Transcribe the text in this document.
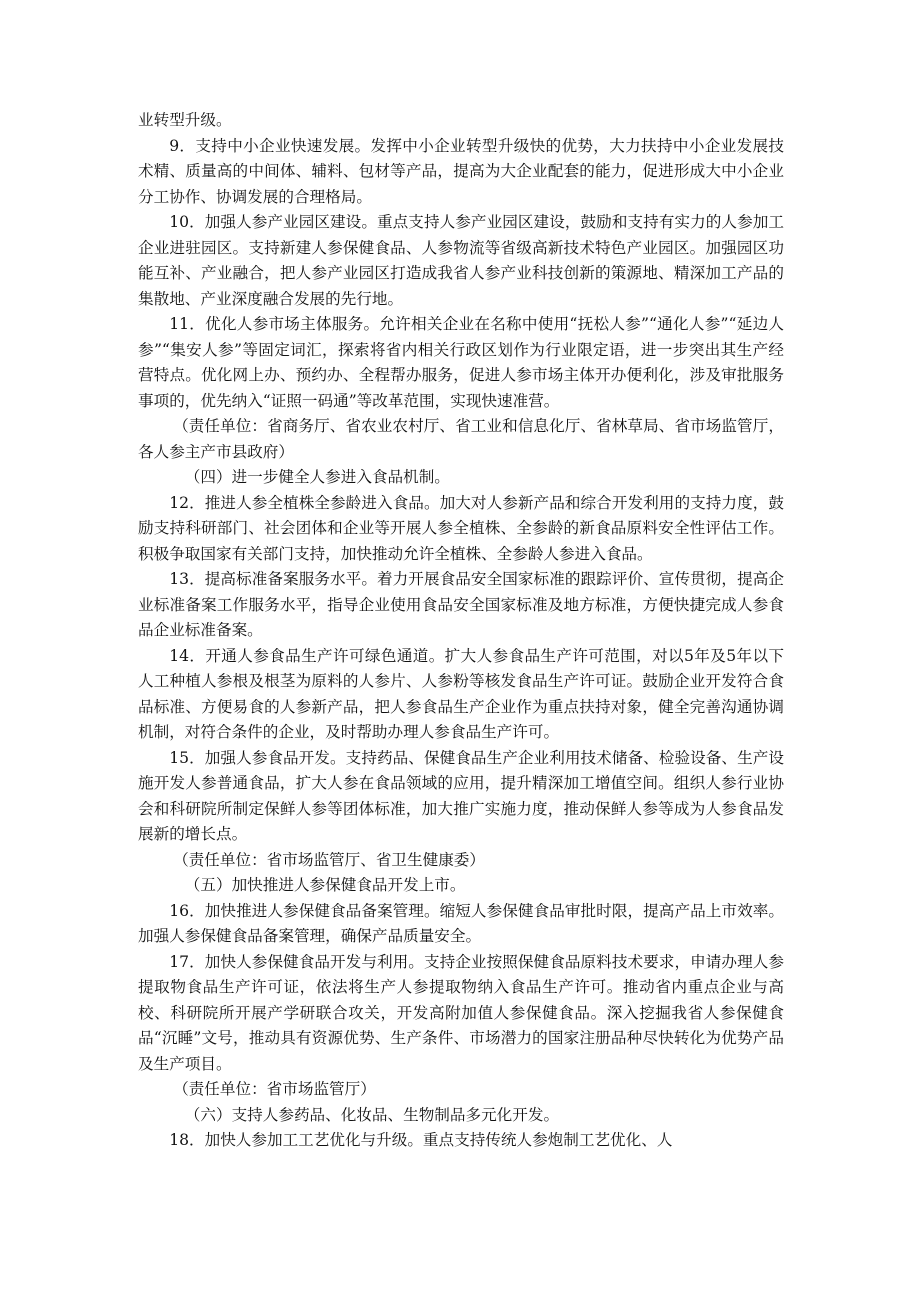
业转型升级。

9．支持中小企业快速发展。发挥中小企业转型升级快的优势，大力扶持中小企业发展技术精、质量高的中间体、辅料、包材等产品，提高为大企业配套的能力，促进形成大中小企业分工协作、协调发展的合理格局。

10．加强人参产业园区建设。重点支持人参产业园区建设，鼓励和支持有实力的人参加工企业进驻园区。支持新建人参保健食品、人参物流等省级高新技术特色产业园区。加强园区功能互补、产业融合，把人参产业园区打造成我省人参产业科技创新的策源地、精深加工产品的集散地、产业深度融合发展的先行地。

11．优化人参市场主体服务。允许相关企业在名称中使用“抚松人参”“通化人参”“延边人参”“集安人参”等固定词汇，探索将省内相关行政区划作为行业限定语，进一步突出其生产经营特点。优化网上办、预约办、全程帮办服务，促进人参市场主体开办便利化，涉及审批服务事项的，优先纳入“证照一码通”等改革范围，实现快速准营。

（责任单位：省商务厅、省农业农村厅、省工业和信息化厅、省林草局、省市场监管厅，各人参主产市县政府）

（四）进一步健全人参进入食品机制。

12．推进人参全植株全参龄进入食品。加大对人参新产品和综合开发利用的支持力度，鼓励支持科研部门、社会团体和企业等开展人参全植株、全参龄的新食品原料安全性评估工作。积极争取国家有关部门支持，加快推动允许全植株、全参龄人参进入食品。

13．提高标准备案服务水平。着力开展食品安全国家标准的跟踪评价、宣传贯彻，提高企业标准备案工作服务水平，指导企业使用食品安全国家标准及地方标准，方便快捷完成人参食品企业标准备案。

14．开通人参食品生产许可绿色通道。扩大人参食品生产许可范围，对以5年及5年以下人工种植人参根及根茎为原料的人参片、人参粉等核发食品生产许可证。鼓励企业开发符合食品标准、方便易食的人参新产品，把人参食品生产企业作为重点扶持对象，健全完善沟通协调机制，对符合条件的企业，及时帮助办理人参食品生产许可。

15．加强人参食品开发。支持药品、保健食品生产企业利用技术储备、检验设备、生产设施开发人参普通食品，扩大人参在食品领域的应用，提升精深加工增值空间。组织人参行业协会和科研院所制定保鲜人参等团体标准，加大推广实施力度，推动保鲜人参等成为人参食品发展新的增长点。

（责任单位：省市场监管厅、省卫生健康委）

（五）加快推进人参保健食品开发上市。

16．加快推进人参保健食品备案管理。缩短人参保健食品审批时限，提高产品上市效率。加强人参保健食品备案管理，确保产品质量安全。

17．加快人参保健食品开发与利用。支持企业按照保健食品原料技术要求，申请办理人参提取物食品生产许可证，依法将生产人参提取物纳入食品生产许可。推动省内重点企业与高校、科研院所开展产学研联合攻关，开发高附加值人参保健食品。深入挖掘我省人参保健食品“沉睡”文号，推动具有资源优势、生产条件、市场潜力的国家注册品种尽快转化为优势产品及生产项目。

（责任单位：省市场监管厅）

（六）支持人参药品、化妆品、生物制品多元化开发。

18．加快人参加工工艺优化与升级。重点支持传统人参炮制工艺优化、人
